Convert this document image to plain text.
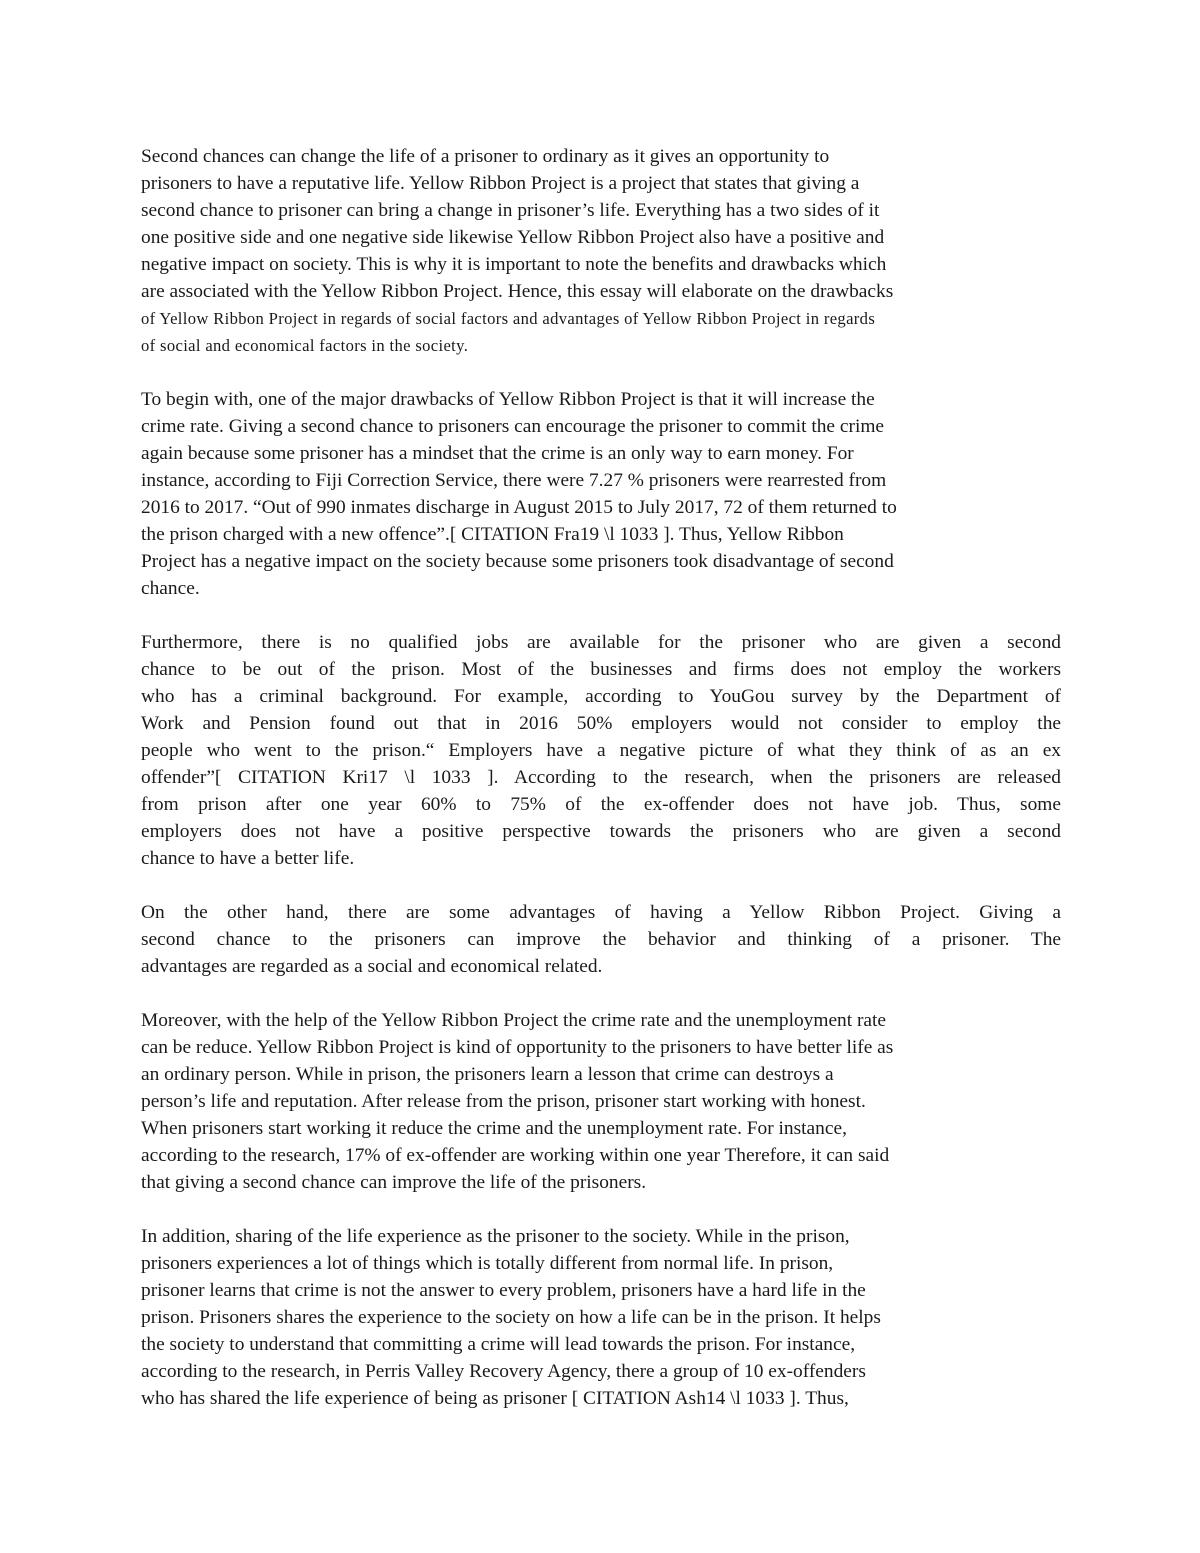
Second chances can change the life of a prisoner to ordinary as it gives an opportunity to
prisoners to have a reputative life. Yellow Ribbon Project is a project that states that giving a
second chance to prisoner can bring a change in prisoner’s life. Everything has a two sides of it
one positive side and one negative side likewise Yellow Ribbon Project also have a positive and
negative impact on society. This is why it is important to note the benefits and drawbacks which
are associated with the Yellow Ribbon Project. Hence, this essay will elaborate on the drawbacks
of Yellow Ribbon Project in regards of social factors and advantages of Yellow Ribbon Project in regards
of social and economical factors in the society.

To begin with, one of the major drawbacks of Yellow Ribbon Project is that it will increase the
crime rate. Giving a second chance to prisoners can encourage the prisoner to commit the crime
again because some prisoner has a mindset that the crime is an only way to earn money. For
instance, according to Fiji Correction Service, there were 7.27 % prisoners were rearrested from
2016 to 2017. “Out of 990 inmates discharge in August 2015 to July 2017, 72 of them returned to
the prison charged with a new offence”.[ CITATION Fra19 \l 1033 ]. Thus, Yellow Ribbon
Project has a negative impact on the society because some prisoners took disadvantage of second
chance.

Furthermore, there is no qualified jobs are available for the prisoner who are given a second
chance to be out of the prison. Most of the businesses and firms does not employ the workers
who has a criminal background. For example, according to YouGou survey by the Department of
Work and Pension found out that in 2016 50% employers would not consider to employ the
people who went to the prison.“ Employers have a negative picture of what they think of as an ex
offender”[ CITATION Kri17 \l 1033 ]. According to the research, when the prisoners are released
from prison after one year 60% to 75% of the ex-offender does not have job. Thus, some
employers does not have a positive perspective towards the prisoners who are given a second
chance to have a better life.

On the other hand, there are some advantages of having a Yellow Ribbon Project. Giving a
second chance to the prisoners can improve the behavior and thinking of a prisoner. The
advantages are regarded as a social and economical related.

Moreover, with the help of the Yellow Ribbon Project the crime rate and the unemployment rate
can be reduce. Yellow Ribbon Project is kind of opportunity to the prisoners to have better life as
an ordinary person. While in prison, the prisoners learn a lesson that crime can destroys a
person’s life and reputation. After release from the prison, prisoner start working with honest.
When prisoners start working it reduce the crime and the unemployment rate. For instance,
according to the research, 17% of ex-offender are working within one year Therefore, it can said
that giving a second chance can improve the life of the prisoners.

In addition, sharing of the life experience as the prisoner to the society. While in the prison,
prisoners experiences a lot of things which is totally different from normal life. In prison,
prisoner learns that crime is not the answer to every problem, prisoners have a hard life in the
prison. Prisoners shares the experience to the society on how a life can be in the prison. It helps
the society to understand that committing a crime will lead towards the prison. For instance,
according to the research, in Perris Valley Recovery Agency, there a group of 10 ex-offenders
who has shared the life experience of being as prisoner [ CITATION Ash14 \l 1033 ]. Thus,
